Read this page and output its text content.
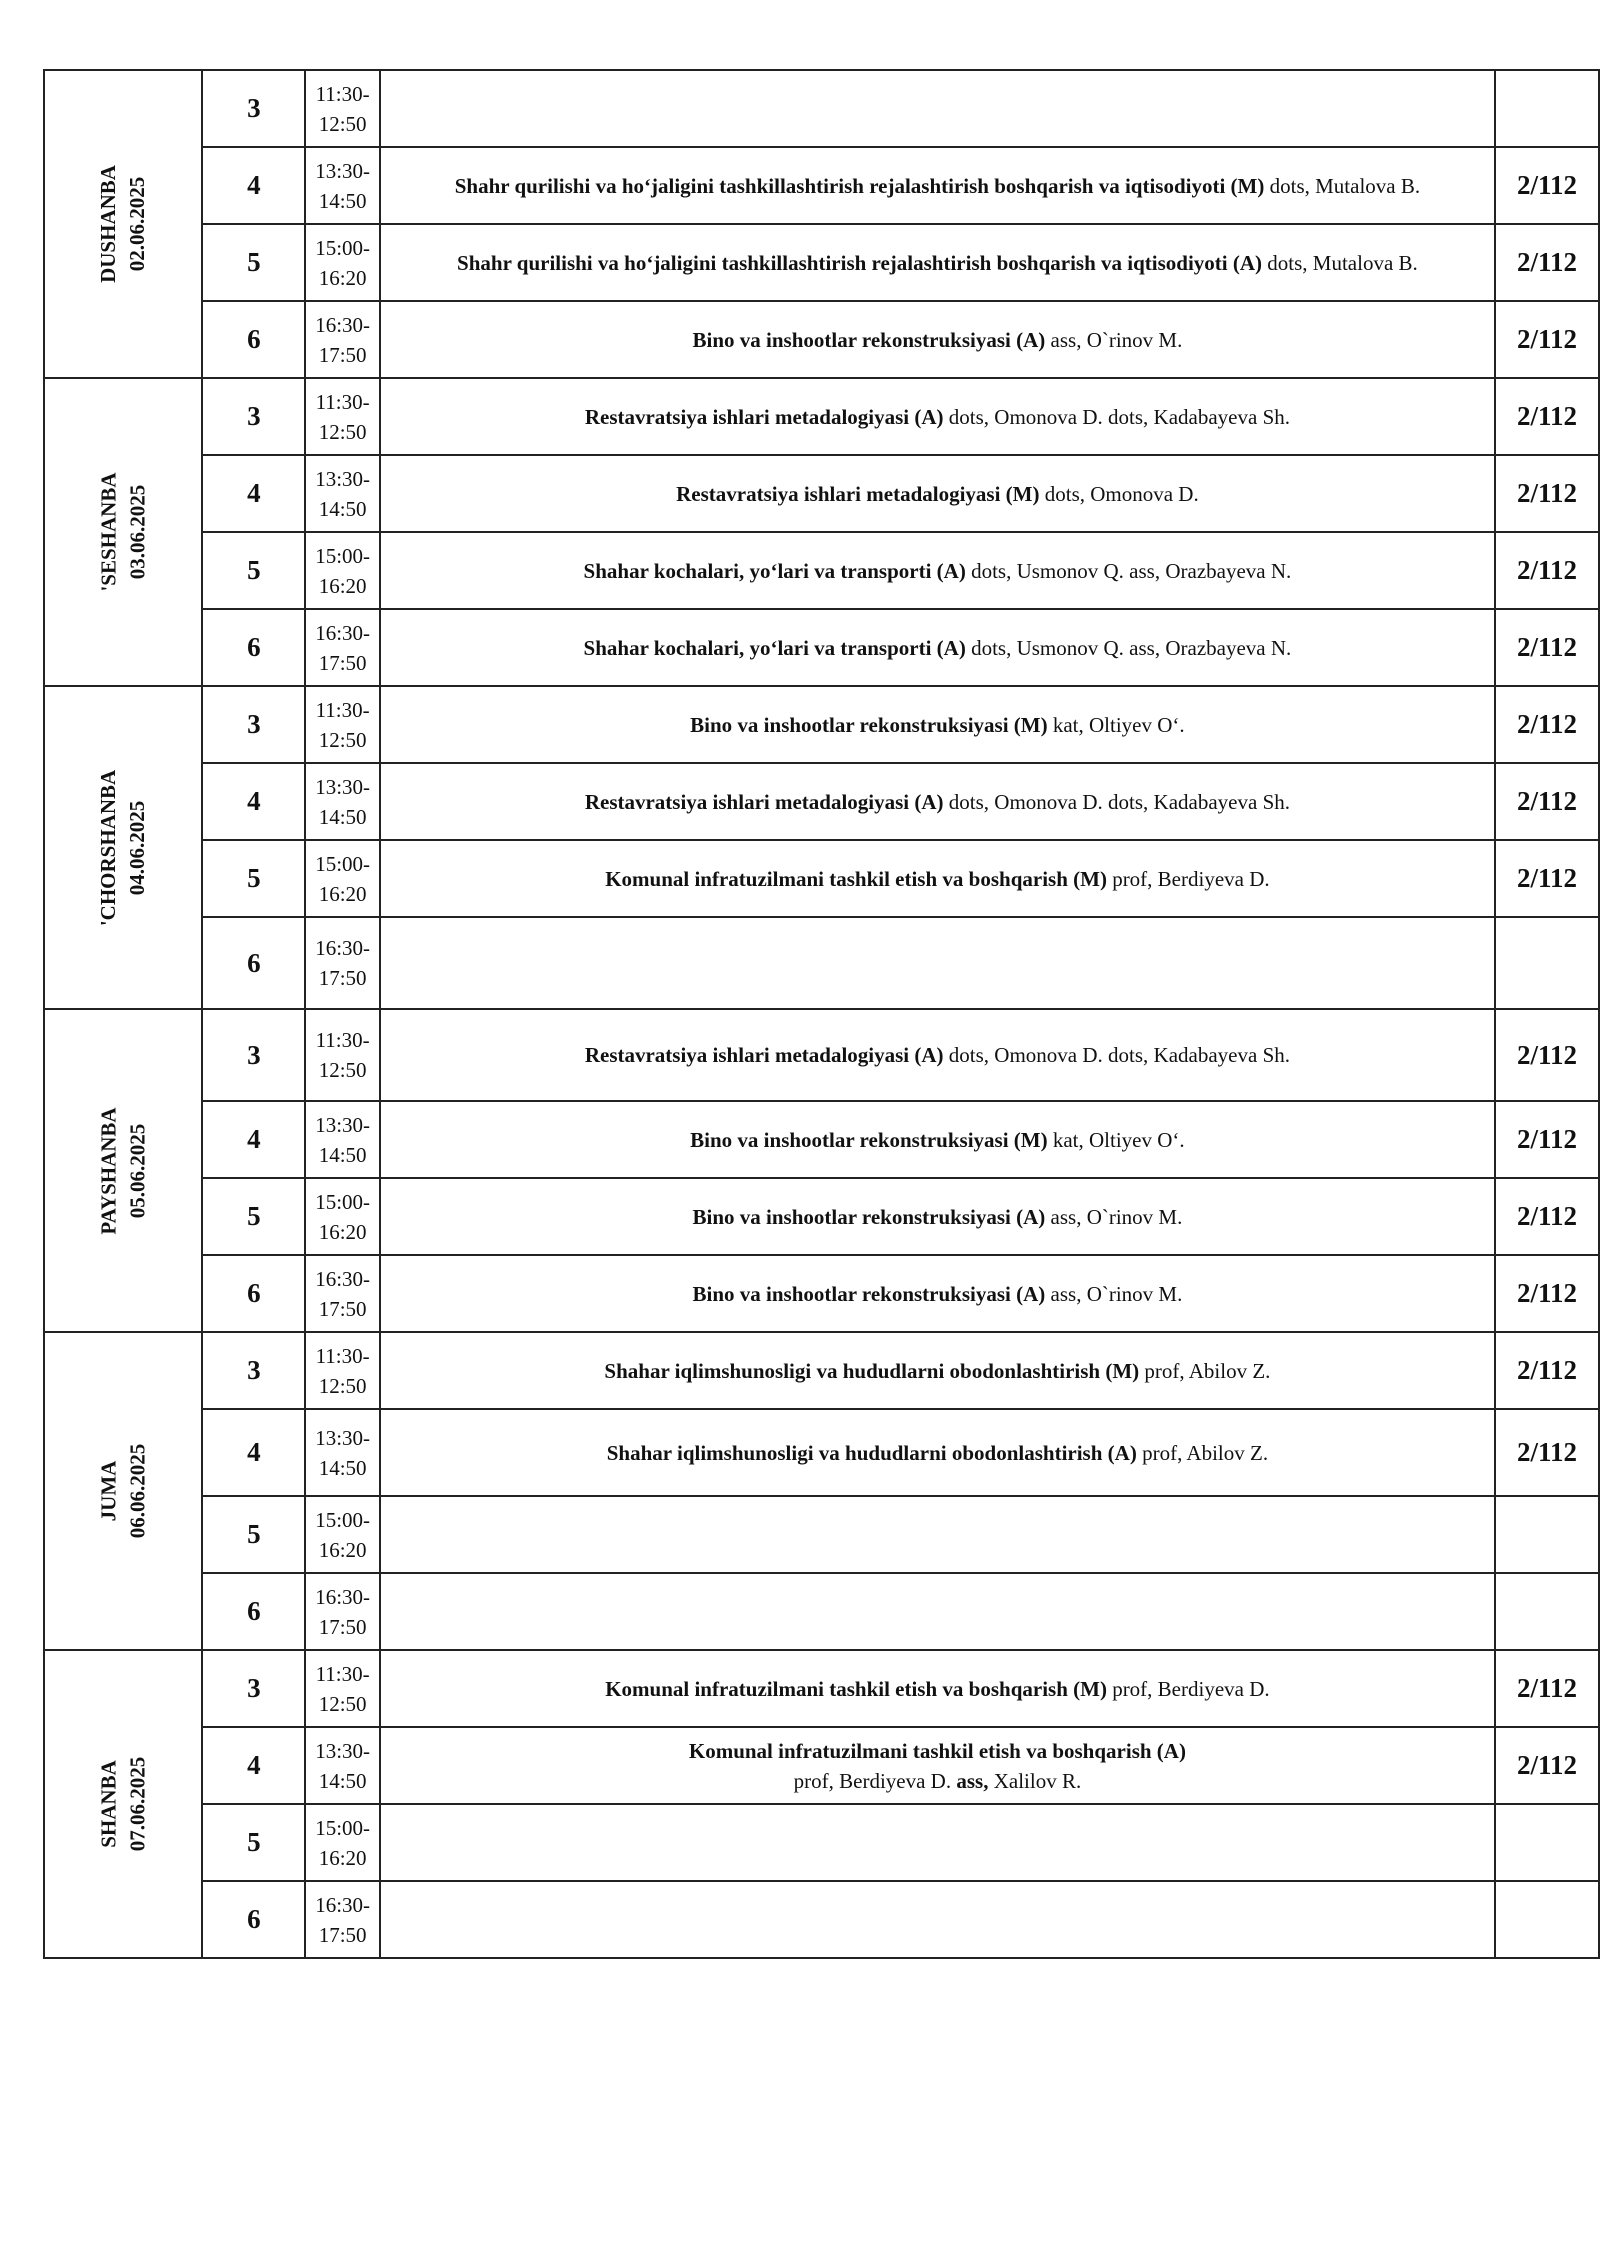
DUSHANBA 02.06.2025	3	11:30-
12:50		

	4	13:30-
14:50	Shahr qurilishi va ho‘jaligini tashkillashtirish rejalashtirish boshqarish va iqtisodiyoti (M) dots, Mutalova B.	2/112
	5	15:00-
16:20	Shahr qurilishi va ho‘jaligini tashkillashtirish rejalashtirish boshqarish va iqtisodiyoti (A) dots, Mutalova B.	2/112
	6	16:30-
17:50	Bino va inshootlar rekonstruksiyasi (A) ass, O`rinov M.	2/112

'SESHANBA 03.06.2025	3	11:30-
12:50	Restavratsiya ishlari metadalogiyasi (A) dots, Omonova D. dots, Kadabayeva Sh.	2/112
	4	13:30-
14:50	Restavratsiya ishlari metadalogiyasi (M) dots, Omonova D.	2/112
	5	15:00-
16:20	Shahar kochalari, yo‘lari va transporti (A) dots, Usmonov Q. ass, Orazbayeva N.	2/112
	6	16:30-
17:50	Shahar kochalari, yo‘lari va transporti (A) dots, Usmonov Q. ass, Orazbayeva N.	2/112

'CHORSHANBA 04.06.2025	3	11:30-
12:50	Bino va inshootlar rekonstruksiyasi (M) kat, Oltiyev O‘.	2/112
	4	13:30-
14:50	Restavratsiya ishlari metadalogiyasi (A) dots, Omonova D. dots, Kadabayeva Sh.	2/112
	5	15:00-
16:20	Komunal infratuzilmani tashkil etish va boshqarish (M) prof, Berdiyeva D.	2/112
	6	16:30-
17:50		

PAYSHANBA 05.06.2025	3	11:30-
12:50	Restavratsiya ishlari metadalogiyasi (A) dots, Omonova D. dots, Kadabayeva Sh.	2/112
	4	13:30-
14:50	Bino va inshootlar rekonstruksiyasi (M) kat, Oltiyev O‘.	2/112
	5	15:00-
16:20	Bino va inshootlar rekonstruksiyasi (A) ass, O`rinov M.	2/112
	6	16:30-
17:50	Bino va inshootlar rekonstruksiyasi (A) ass, O`rinov M.	2/112

JUMA 06.06.2025	3	11:30-
12:50	Shahar iqlimshunosligi va hududlarni obodonlashtirish (M) prof, Abilov Z.	2/112
	4	13:30-
14:50	Shahar iqlimshunosligi va hududlarni obodonlashtirish (A) prof, Abilov Z.	2/112
	5	15:00-
16:20		

	6	16:30-
17:50		

SHANBA 07.06.2025	3	11:30-
12:50	Komunal infratuzilmani tashkil etish va boshqarish (M) prof, Berdiyeva D.	2/112
	4	13:30-
14:50	Komunal infratuzilmani tashkil etish va boshqarish (A)
prof, Berdiyeva D. ass, Xalilov R.	2/112
	5	15:00-
16:20		

	6	16:30-
17:50		
